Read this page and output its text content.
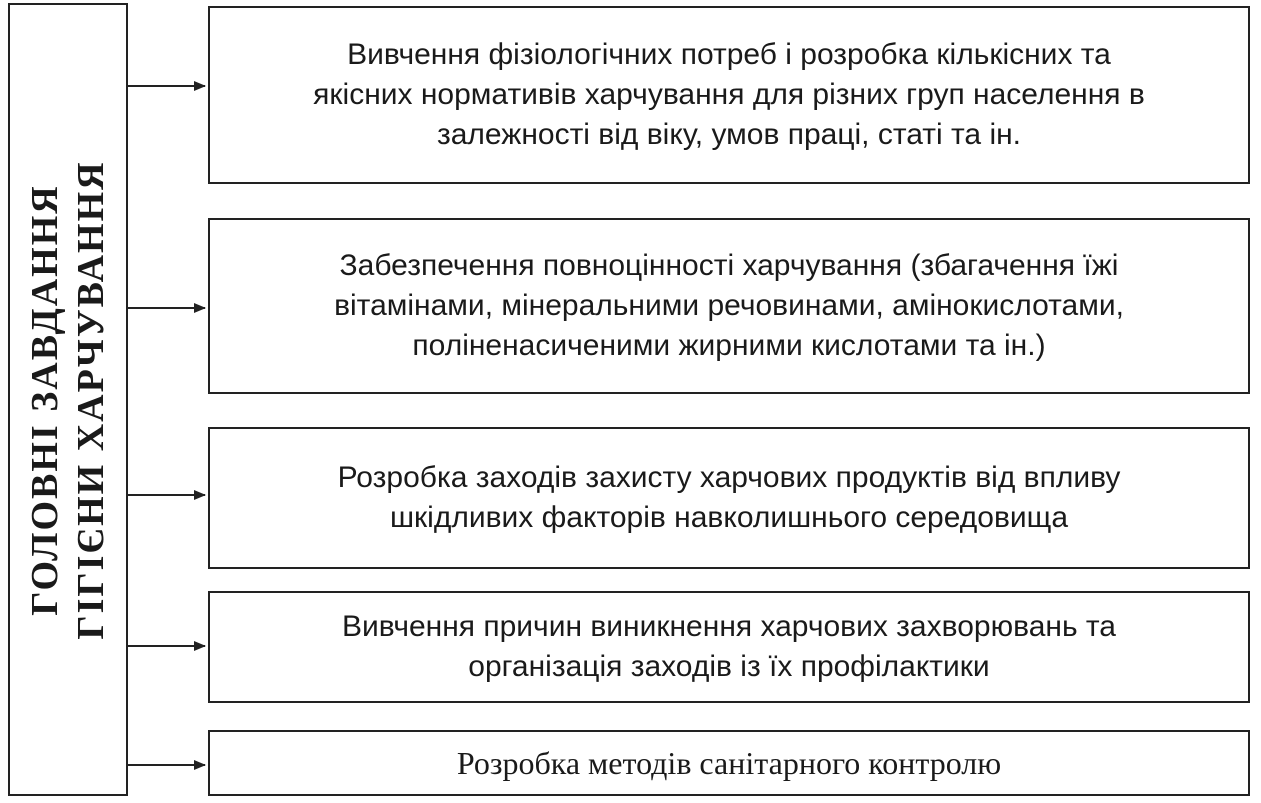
ГОЛОВНІ ЗАВДАННЯ ГІГІЄНИ ХАРЧУВАННЯ
Вивчення фізіологічних потреб і розробка кількісних та
якісних нормативів харчування для різних груп населення в
залежності від віку, умов праці, статі та ін.
Забезпечення повноцінності харчування (збагачення їжі
вітамінами, мінеральними речовинами, амінокислотами,
поліненасиченими жирними кислотами та ін.)
Розробка заходів захисту харчових продуктів від впливу
шкідливих факторів навколишнього середовища
Вивчення причин виникнення харчових захворювань та
організація заходів із їх профілактики
Розробка методів санітарного контролю
